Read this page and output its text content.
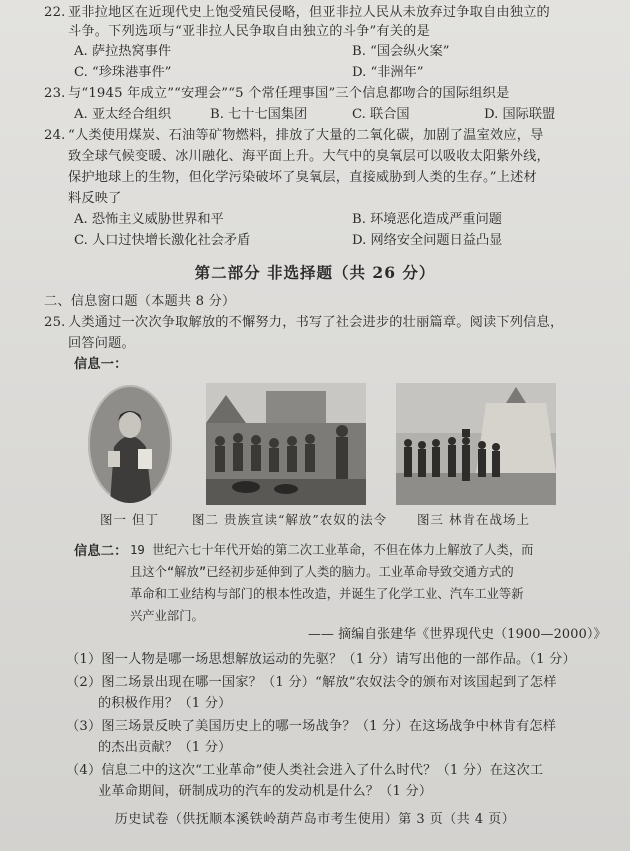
22. 亚非拉地区在近现代史上饱受殖民侵略，但亚非拉人民从未放弃过争取自由独立的
斗争。下列选项与“亚非拉人民争取自由独立的斗争”有关的是
A. 萨拉热窝事件	B. “国会纵火案”
C. “珍珠港事件”	D. “非洲年”
23. 与“1945 年成立”“安理会”“5 个常任理事国”三个信息都吻合的国际组织是
A. 亚太经合组织	B. 七十七国集团	C. 联合国	D. 国际联盟
24. “人类使用煤炭、石油等矿物燃料，排放了大量的二氧化碳，加剧了温室效应，导
致全球气候变暖、冰川融化、海平面上升。大气中的臭氧层可以吸收太阳紫外线，
保护地球上的生物，但化学污染破坏了臭氧层，直接威胁到人类的生存。”上述材
料反映了
A. 恐怖主义威胁世界和平	B. 环境恶化造成严重问题
C. 人口过快增长激化社会矛盾	D. 网络安全问题日益凸显
第二部分 非选择题（共 26 分）
二、信息窗口题（本题共 8 分）
25. 人类通过一次次争取解放的不懈努力，书写了社会进步的壮丽篇章。阅读下列信息，
回答问题。
信息一：
图一 但丁	图二 贵族宣读“解放”农奴的法令 图三 林肯在战场上
信息二： 19 世纪六七十年代开始的第二次工业革命，不但在体力上解放了人类，而
且这个“解放”已经初步延伸到了人类的脑力。工业革命导致交通方式的
革命和工业结构与部门的根本性改造，并诞生了化学工业、汽车工业等新
兴产业部门。
—— 摘编自张建华《世界现代史（1900—2000）》
（1）图一人物是哪一场思想解放运动的先驱？（1 分）请写出他的一部作品。（1 分）
（2）图二场景出现在哪一国家？（1 分）“解放”农奴法令的颁布对该国起到了怎样
的积极作用？（1 分）
（3）图三场景反映了美国历史上的哪一场战争？（1 分）在这场战争中林肯有怎样
的杰出贡献？（1 分）
（4）信息二中的这次“工业革命”使人类社会进入了什么时代？（1 分）在这次工
业革命期间，研制成功的汽车的发动机是什么？（1 分）
历史试卷（供抚顺本溪铁岭葫芦岛市考生使用）第 3 页（共 4 页）
